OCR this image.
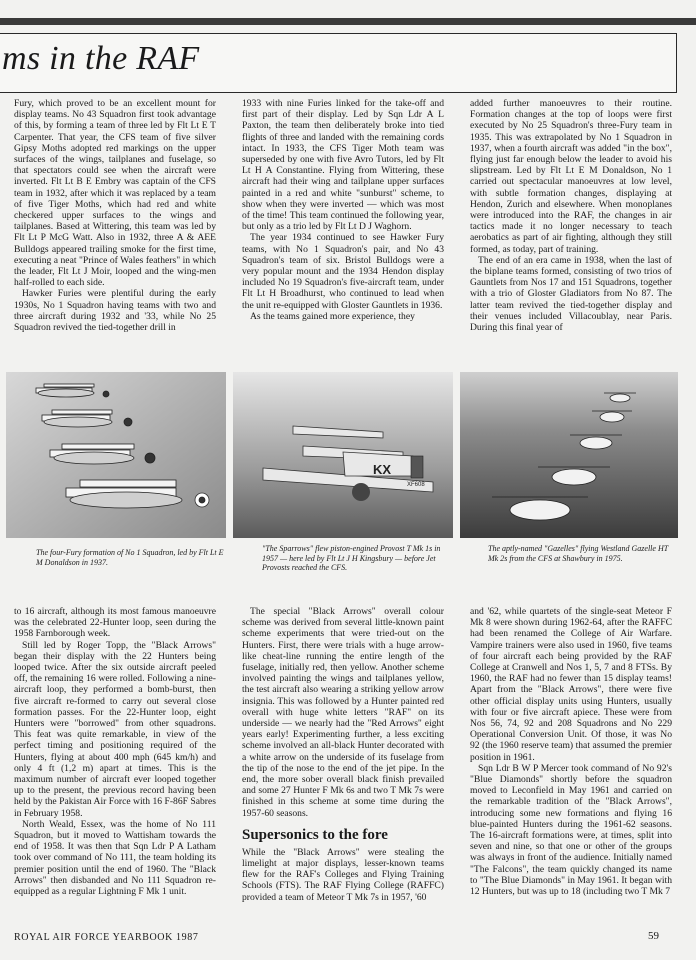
ms in the RAF

Fury, which proved to be an excellent mount for display teams. No 43 Squadron first took advantage of this, by forming a team of three led by Flt Lt E T Carpenter. That year, the CFS team of five silver Gipsy Moths adopted red markings on the upper surfaces of the wings, tailplanes and fuselage, so that spectators could see when the aircraft were inverted. Flt Lt B E Embry was captain of the CFS team in 1932, after which it was replaced by a team of five Tiger Moths, which had red and white checkered upper surfaces to the wings and tailplanes. Based at Wittering, this team was led by Flt Lt P McG Watt. Also in 1932, three A & AEE Bulldogs appeared trailing smoke for the first time, executing a neat "Prince of Wales feathers" in which the leader, Flt Lt J Moir, looped and the wing-men half-rolled to each side.

Hawker Furies were plentiful during the early 1930s, No 1 Squadron having teams with two and three aircraft during 1932 and '33, while No 25 Squadron revived the tied-together drill in

1933 with nine Furies linked for the take-off and first part of their display. Led by Sqn Ldr A L Paxton, the team then deliberately broke into tied flights of three and landed with the remaining cords intact. In 1933, the CFS Tiger Moth team was superseded by one with five Avro Tutors, led by Flt Lt H A Constantine. Flying from Wittering, these aircraft had their wing and tailplane upper surfaces painted in a red and white "sunburst" scheme, to show when they were inverted — which was most of the time! This team continued the following year, but only as a trio led by Flt Lt D J Waghorn.

The year 1934 continued to see Hawker Fury teams, with No 1 Squadron's pair, and No 43 Squadron's team of six. Bristol Bulldogs were a very popular mount and the 1934 Hendon display included No 19 Squadron's five-aircraft team, under Flt Lt H Broadhurst, who continued to lead when the unit re-equipped with Gloster Gauntlets in 1936.

As the teams gained more experience, they

added further manoeuvres to their routine. Formation changes at the top of loops were first executed by No 25 Squadron's three-Fury team in 1935. This was extrapolated by No 1 Squadron in 1937, when a fourth aircraft was added "in the box", flying just far enough below the leader to avoid his slipstream. Led by Flt Lt E M Donaldson, No 1 carried out spectacular manoeuvres at low level, with subtle formation changes, displaying at Hendon, Zurich and elsewhere. When monoplanes were introduced into the RAF, the changes in air tactics made it no longer necessary to teach aerobatics as part of air fighting, although they still formed, as today, part of training.

The end of an era came in 1938, when the last of the biplane teams formed, consisting of two trios of Gauntlets from Nos 17 and 151 Squadrons, together with a trio of Gloster Gladiators from No 87. The latter team revived the tied-together display and their venues included Villacoublay, near Paris. During this final year of

The four-Fury formation of No 1 Squadron, led by Flt Lt E M Donaldson in 1937.
KX
XF608
"The Sparrows" flew piston-engined Provost T Mk 1s in 1957 — here led by Flt Lt J H Kingsbury — before Jet Provosts reached the CFS.
The aptly-named "Gazelles" flying Westland Gazelle HT Mk 2s from the CFS at Shawbury in 1975.

to 16 aircraft, although its most famous manoeuvre was the celebrated 22-Hunter loop, seen during the 1958 Farnborough week.

Still led by Roger Topp, the "Black Arrows" began their display with the 22 Hunters being looped twice. After the six outside aircraft peeled off, the remaining 16 were rolled. Following a nine-aircraft loop, they performed a bomb-burst, then five aircraft re-formed to carry out several close formation passes. For the 22-Hunter loop, eight Hunters were "borrowed" from other squadrons. This feat was quite remarkable, in view of the perfect timing and positioning required of the Hunters, flying at about 400 mph (645 km/h) and only 4 ft (1,2 m) apart at times. This is the maximum number of aircraft ever looped together up to the present, the previous record having been held by the Pakistan Air Force with 16 F-86F Sabres in February 1958.

North Weald, Essex, was the home of No 111 Squadron, but it moved to Wattisham towards the end of 1958. It was then that Sqn Ldr P A Latham took over command of No 111, the team holding its premier position until the end of 1960. The "Black Arrows" then disbanded and No 111 Squadron re-equipped as a regular Lightning F Mk 1 unit.

The special "Black Arrows" overall colour scheme was derived from several little-known paint scheme experiments that were tried-out on the Hunters. First, there were trials with a huge arrow-like cheat-line running the entire length of the fuselage, initially red, then yellow. Another scheme involved painting the wings and tailplanes yellow, the test aircraft also wearing a striking yellow arrow insignia. This was followed by a Hunter painted red overall with huge white letters "RAF" on its underside — we nearly had the "Red Arrows" eight years early! Experimenting further, a less exciting scheme involved an all-black Hunter decorated with a white arrow on the underside of its fuselage from the tip of the nose to the end of the jet pipe. In the end, the more sober overall black finish prevailed and some 27 Hunter F Mk 6s and two T Mk 7s were finished in this scheme at some time during the 1957-60 seasons.

Supersonics to the fore

While the "Black Arrows" were stealing the limelight at major displays, lesser-known teams flew for the RAF's Colleges and Flying Training Schools (FTS). The RAF Flying College (RAFFC) provided a team of Meteor T Mk 7s in 1957, '60

and '62, while quartets of the single-seat Meteor F Mk 8 were shown during 1962-64, after the RAFFC had been renamed the College of Air Warfare. Vampire trainers were also used in 1960, five teams of four aircraft each being provided by the RAF College at Cranwell and Nos 1, 5, 7 and 8 FTSs. By 1960, the RAF had no fewer than 15 display teams! Apart from the "Black Arrows", there were five other official display units using Hunters, usually with four or five aircraft apiece. These were from Nos 56, 74, 92 and 208 Squadrons and No 229 Operational Conversion Unit. Of those, it was No 92 (the 1960 reserve team) that assumed the premier position in 1961.

Sqn Ldr B W P Mercer took command of No 92's "Blue Diamonds" shortly before the squadron moved to Leconfield in May 1961 and carried on the remarkable tradition of the "Black Arrows", introducing some new formations and flying 16 blue-painted Hunters during the 1961-62 seasons. The 16-aircraft formations were, at times, split into seven and nine, so that one or other of the groups was always in front of the audience. Initially named "The Falcons", the team quickly changed its name to "The Blue Diamonds" in May 1961. It began with 12 Hunters, but was up to 18 (including two T Mk 7

ROYAL AIR FORCE YEARBOOK 1987	59
